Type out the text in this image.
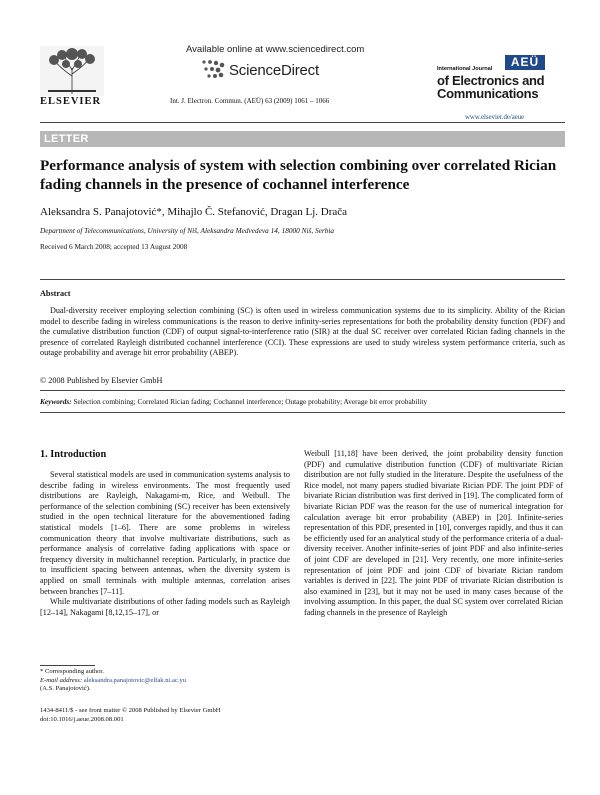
ELSEVIER
Available online at www.sciencedirect.com
ScienceDirect
Int. J. Electron. Commun. (AEÜ) 63 (2009) 1061 – 1066
International Journal	AEÜ
of Electronics and
Communications
www.elsevier.de/aeue
LETTER
Performance analysis of system with selection combining over correlated Rician fading channels in the presence of cochannel interference
Aleksandra S. Panajotović*, Mihajlo Č. Stefanović, Dragan Lj. Drača
Department of Telecommunications, University of Niš, Aleksandra Medvedeva 14, 18000 Niš, Serbia
Received 6 March 2008; accepted 13 August 2008
Abstract
Dual-diversity receiver employing selection combining (SC) is often used in wireless communication systems due to its simplicity. Ability of the Rician model to describe fading in wireless communications is the reason to derive infinity-series representations for both the probability density function (PDF) and the cumulative distribution function (CDF) of output signal-to-interference ratio (SIR) at the dual SC receiver over correlated Rician fading channels in the presence of correlated Rayleigh distributed cochannel interference (CCI). These expressions are used to study wireless system performance criteria, such as outage probability and average bit error probability (ABEP).
© 2008 Published by Elsevier GmbH
Keywords: Selection combining; Correlated Rician fading; Cochannel interference; Outage probability; Average bit error probability
1. Introduction

Several statistical models are used in communication systems analysis to describe fading in wireless environments. The most frequently used distributions are Rayleigh, Nakagami-m, Rice, and Weibull. The performance of the selection combining (SC) receiver has been extensively studied in the open technical literature for the abovementioned fading statistical models [1–6]. There are some problems in wireless communication theory that involve multivariate distributions, such as performance analysis of correlative fading applications with space or frequency diversity in multichannel reception. Particularly, in practice due to insufficient spacing between antennas, when the diversity system is applied on small terminals with multiple antennas, correlation arises between branches [7–11].

While multivariate distributions of other fading models such as Rayleigh [12–14], Nakagami [8,12,15–17], or

Weibull [11,18] have been derived, the joint probability density function (PDF) and cumulative distribution function (CDF) of multivariate Rician distribution are not fully studied in the literature. Despite the usefulness of the Rice model, not many papers studied bivariate Rician PDF. The joint PDF of bivariate Rician distribution was first derived in [19]. The complicated form of bivariate Rician PDF was the reason for the use of numerical integration for calculation average bit error probability (ABEP) in [20]. Infinite-series representation of this PDF, presented in [10], converges rapidly, and thus it can be efficiently used for an analytical study of the performance criteria of a dual-diversity receiver. Another infinite-series of joint PDF and also infinite-series of joint CDF are developed in [21]. Very recently, one more infinite-series representation of joint PDF and joint CDF of bivariate Rician random variables is derived in [22]. The joint PDF of trivariate Rician distribution is also examined in [23], but it may not be used in many cases because of the involving assumption. In this paper, the dual SC system over correlated Rician fading channels in the presence of Rayleigh

* Corresponding author.
E-mail address: aleksandra.panajotovic@elfak.ni.ac.yu
(A.S. Panajotović).
1434-8411/$ - see front matter © 2008 Published by Elsevier GmbH
doi:10.1016/j.aeue.2008.08.001
